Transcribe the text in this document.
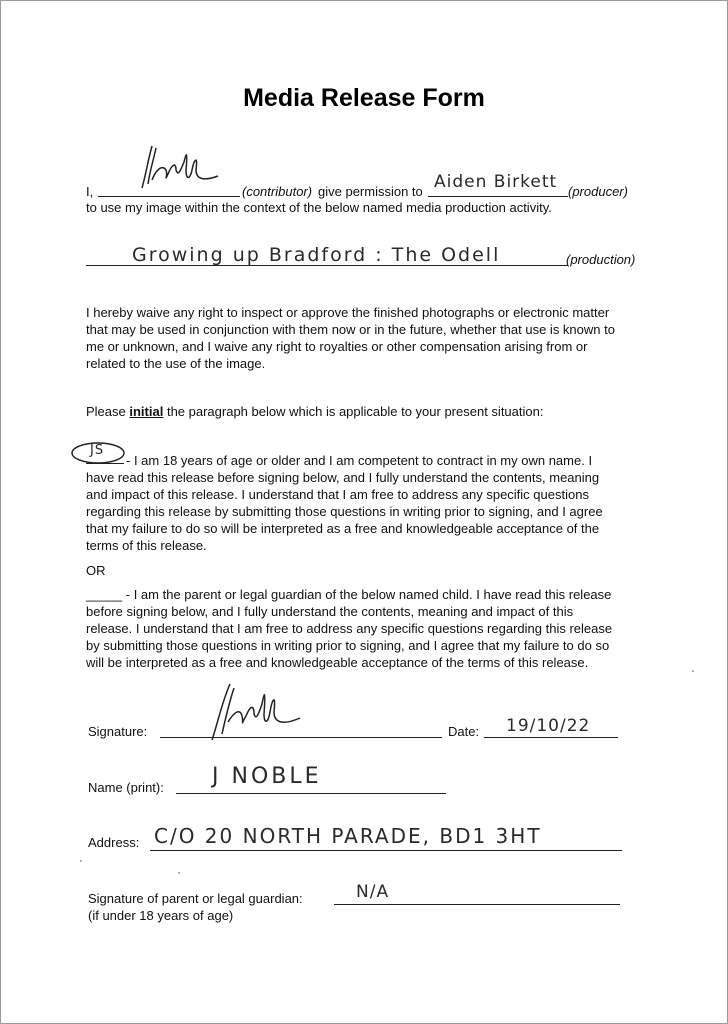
Media Release Form
I,	(contributor) give permission to Aiden Birkett (producer)
to use my image within the context of the below named media production activity.
Growing up Bradford : The Odell	(production)
I hereby waive any right to inspect or approve the finished photographs or electronic matter
that may be used in conjunction with them now or in the future, whether that use is known to
me or unknown, and I waive any right to royalties or other compensation arising from or
related to the use of the image.
Please initial the paragraph below which is applicable to your present situation:
JS
- I am 18 years of age or older and I am competent to contract in my own name. I
have read this release before signing below, and I fully understand the contents, meaning
and impact of this release. I understand that I am free to address any specific questions
regarding this release by submitting those questions in writing prior to signing, and I agree
that my failure to do so will be interpreted as a free and knowledgeable acceptance of the
terms of this release.
OR
_____ - I am the parent or legal guardian of the below named child. I have read this release
before signing below, and I fully understand the contents, meaning and impact of this
release. I understand that I am free to address any specific questions regarding this release
by submitting those questions in writing prior to signing, and I agree that my failure to do so
will be interpreted as a free and knowledgeable acceptance of the terms of this release.
Signature:	Date: 19/10/22
Name (print): J NOBLE
Address: C/O 20 NORTH PARADE, BD1 3HT
Signature of parent or legal guardian:	N/A
(if under 18 years of age)
